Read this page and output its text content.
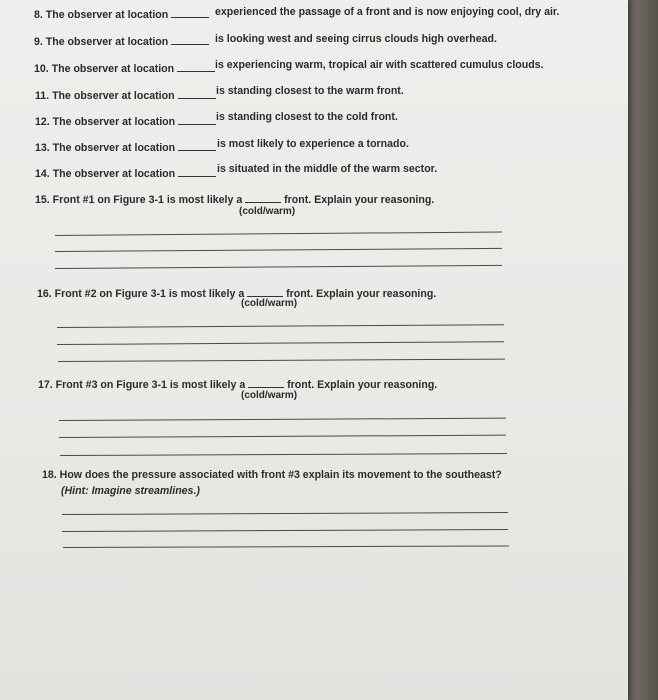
8. The observer at location	experienced the passage of a front and is now enjoying cool, dry air.
9. The observer at location	is looking west and seeing cirrus clouds high overhead.
10. The observer at location	is experiencing warm, tropical air with scattered cumulus clouds.
11. The observer at location	is standing closest to the warm front.
12. The observer at location	is standing closest to the cold front.
13. The observer at location	is most likely to experience a tornado.
14. The observer at location	is situated in the middle of the warm sector.
15. Front #1 on Figure 3-1 is most likely a	front. Explain your reasoning.
(cold/warm)
16. Front #2 on Figure 3-1 is most likely a	front. Explain your reasoning.
(cold/warm)
17. Front #3 on Figure 3-1 is most likely a	front. Explain your reasoning.
(cold/warm)
18. How does the pressure associated with front #3 explain its movement to the southeast?
(Hint: Imagine streamlines.)
